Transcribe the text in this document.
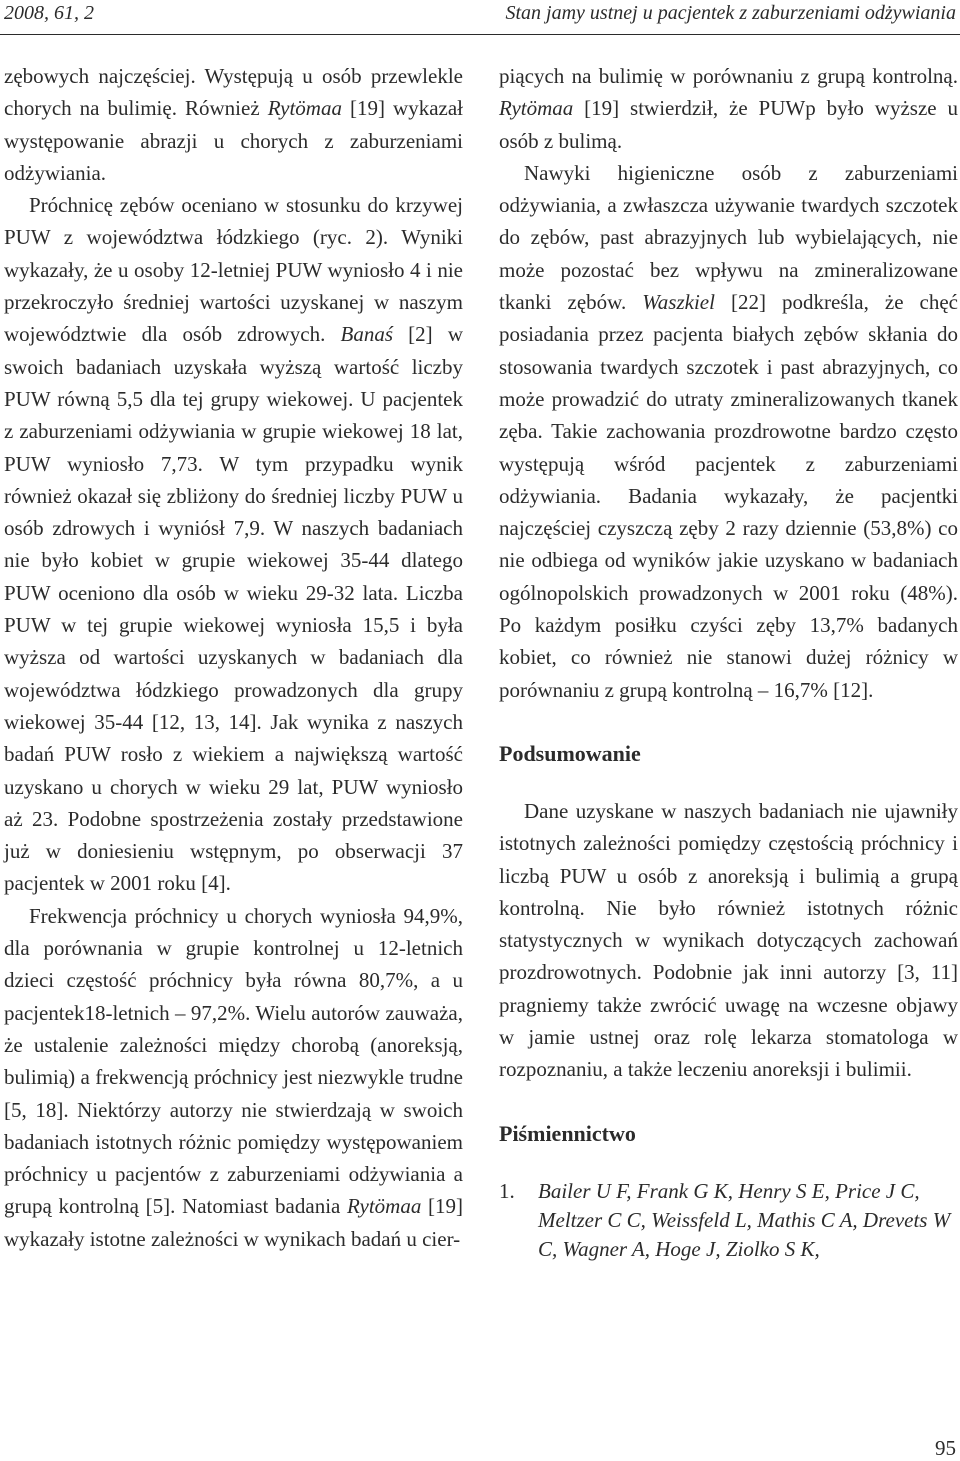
2008, 61, 2	Stan jamy ustnej u pacjentek z zaburzeniami odżywiania

zębowych najczęściej. Występują u osób przewlekle chorych na bulimię. Również Rytömaa [19] wykazał występowanie abrazji u chorych z zaburzeniami odżywiania.

Próchnicę zębów oceniano w stosunku do krzywej PUW z województwa łódzkiego (ryc. 2). Wyniki wykazały, że u osoby 12-letniej PUW wyniosło 4 i nie przekroczyło średniej wartości uzyskanej w naszym województwie dla osób zdrowych. Banaś [2] w swoich badaniach uzyskała wyższą wartość liczby PUW równą 5,5 dla tej grupy wiekowej. U pacjentek z zaburzeniami odżywiania w grupie wiekowej 18 lat, PUW wyniosło 7,73. W tym przypadku wynik również okazał się zbliżony do średniej liczby PUW u osób zdrowych i wyniósł 7,9. W naszych badaniach nie było kobiet w grupie wiekowej 35-44 dlatego PUW oceniono dla osób w wieku 29-32 lata. Liczba PUW w tej grupie wiekowej wyniosła 15,5 i była wyższa od wartości uzyskanych w badaniach dla województwa łódzkiego prowadzonych dla grupy wiekowej 35-44 [12, 13, 14]. Jak wynika z naszych badań PUW rosło z wiekiem a największą wartość uzyskano u chorych w wieku 29 lat, PUW wyniosło aż 23. Podobne spostrzeżenia zostały przedstawione już w doniesieniu wstępnym, po obserwacji 37 pacjentek w 2001 roku [4].

Frekwencja próchnicy u chorych wyniosła 94,9%, dla porównania w grupie kontrolnej u 12-letnich dzieci częstość próchnicy była równa 80,7%, a u pacjentek18-letnich – 97,2%. Wielu autorów zauważa, że ustalenie zależności między chorobą (anoreksją, bulimią) a frekwencją próchnicy jest niezwykle trudne [5, 18]. Niektórzy autorzy nie stwierdzają w swoich badaniach istotnych różnic pomiędzy występowaniem próchnicy u pacjentów z zaburzeniami odżywiania a grupą kontrolną [5]. Natomiast badania Rytömaa [19] wykazały istotne zależności w wynikach badań u cier-

piących na bulimię w porównaniu z grupą kontrolną. Rytömaa [19] stwierdził, że PUWp było wyższe u osób z bulimą.

Nawyki higieniczne osób z zaburzeniami odżywiania, a zwłaszcza używanie twardych szczotek do zębów, past abrazyjnych lub wybielających, nie może pozostać bez wpływu na zmineralizowane tkanki zębów. Waszkiel [22] podkreśla, że chęć posiadania przez pacjenta białych zębów skłania do stosowania twardych szczotek i past abrazyjnych, co może prowadzić do utraty zmineralizowanych tkanek zęba. Takie zachowania prozdrowotne bardzo często występują wśród pacjentek z zaburzeniami odżywiania. Badania wykazały, że pacjentki najczęściej czyszczą zęby 2 razy dziennie (53,8%) co nie odbiega od wyników jakie uzyskano w badaniach ogólnopolskich prowadzonych w 2001 roku (48%). Po każdym posiłku czyści zęby 13,7% badanych kobiet, co również nie stanowi dużej różnicy w porównaniu z grupą kontrolną – 16,7% [12].

Podsumowanie

Dane uzyskane w naszych badaniach nie ujawniły istotnych zależności pomiędzy częstością próchnicy i liczbą PUW u osób z anoreksją i bulimią a grupą kontrolną. Nie było również istotnych różnic statystycznych w wynikach dotyczących zachowań prozdrowotnych. Podobnie jak inni autorzy [3, 11] pragniemy także zwrócić uwagę na wczesne objawy w jamie ustnej oraz rolę lekarza stomatologa w rozpoznaniu, a także leczeniu anoreksji i bulimii.

Piśmiennictwo
1. Bailer U F, Frank G K, Henry S E, Price J C, Meltzer C C, Weissfeld L, Mathis C A, Drevets W C, Wagner A, Hoge J, Ziolko S K,
95
